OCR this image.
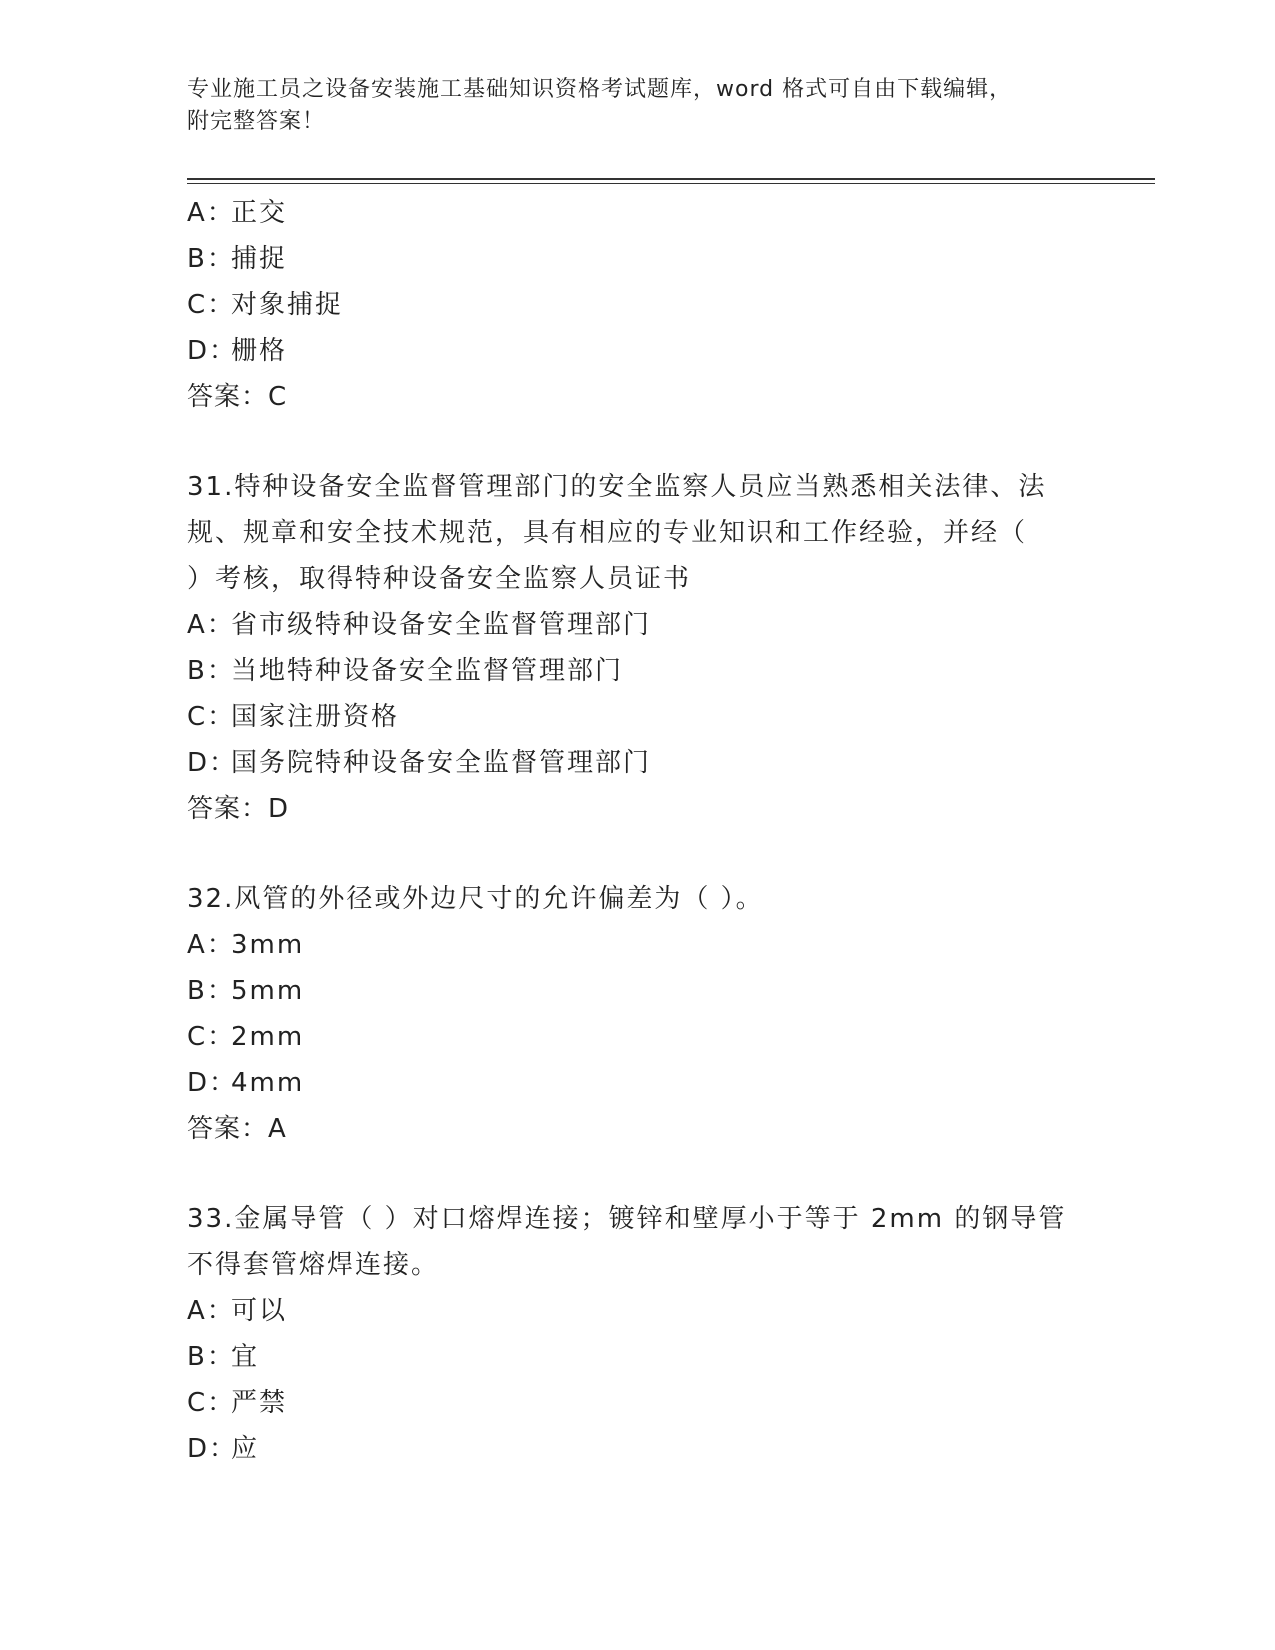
专业施工员之设备安装施工基础知识资格考试题库，word 格式可自由下载编辑，
附完整答案！
A：正交
B：捕捉
C：对象捕捉
D：栅格
答案：C
31.特种设备安全监督管理部门的安全监察人员应当熟悉相关法律、法
规、规章和安全技术规范，具有相应的专业知识和工作经验，并经（
）考核，取得特种设备安全监察人员证书
A：省市级特种设备安全监督管理部门
B：当地特种设备安全监督管理部门
C：国家注册资格
D：国务院特种设备安全监督管理部门
答案：D
32.风管的外径或外边尺寸的允许偏差为（ ）。
A：3mm
B：5mm
C：2mm
D：4mm
答案：A
33.金属导管（ ）对口熔焊连接；镀锌和壁厚小于等于 2mm 的钢导管
不得套管熔焊连接。
A：可以
B：宜
C：严禁
D：应
